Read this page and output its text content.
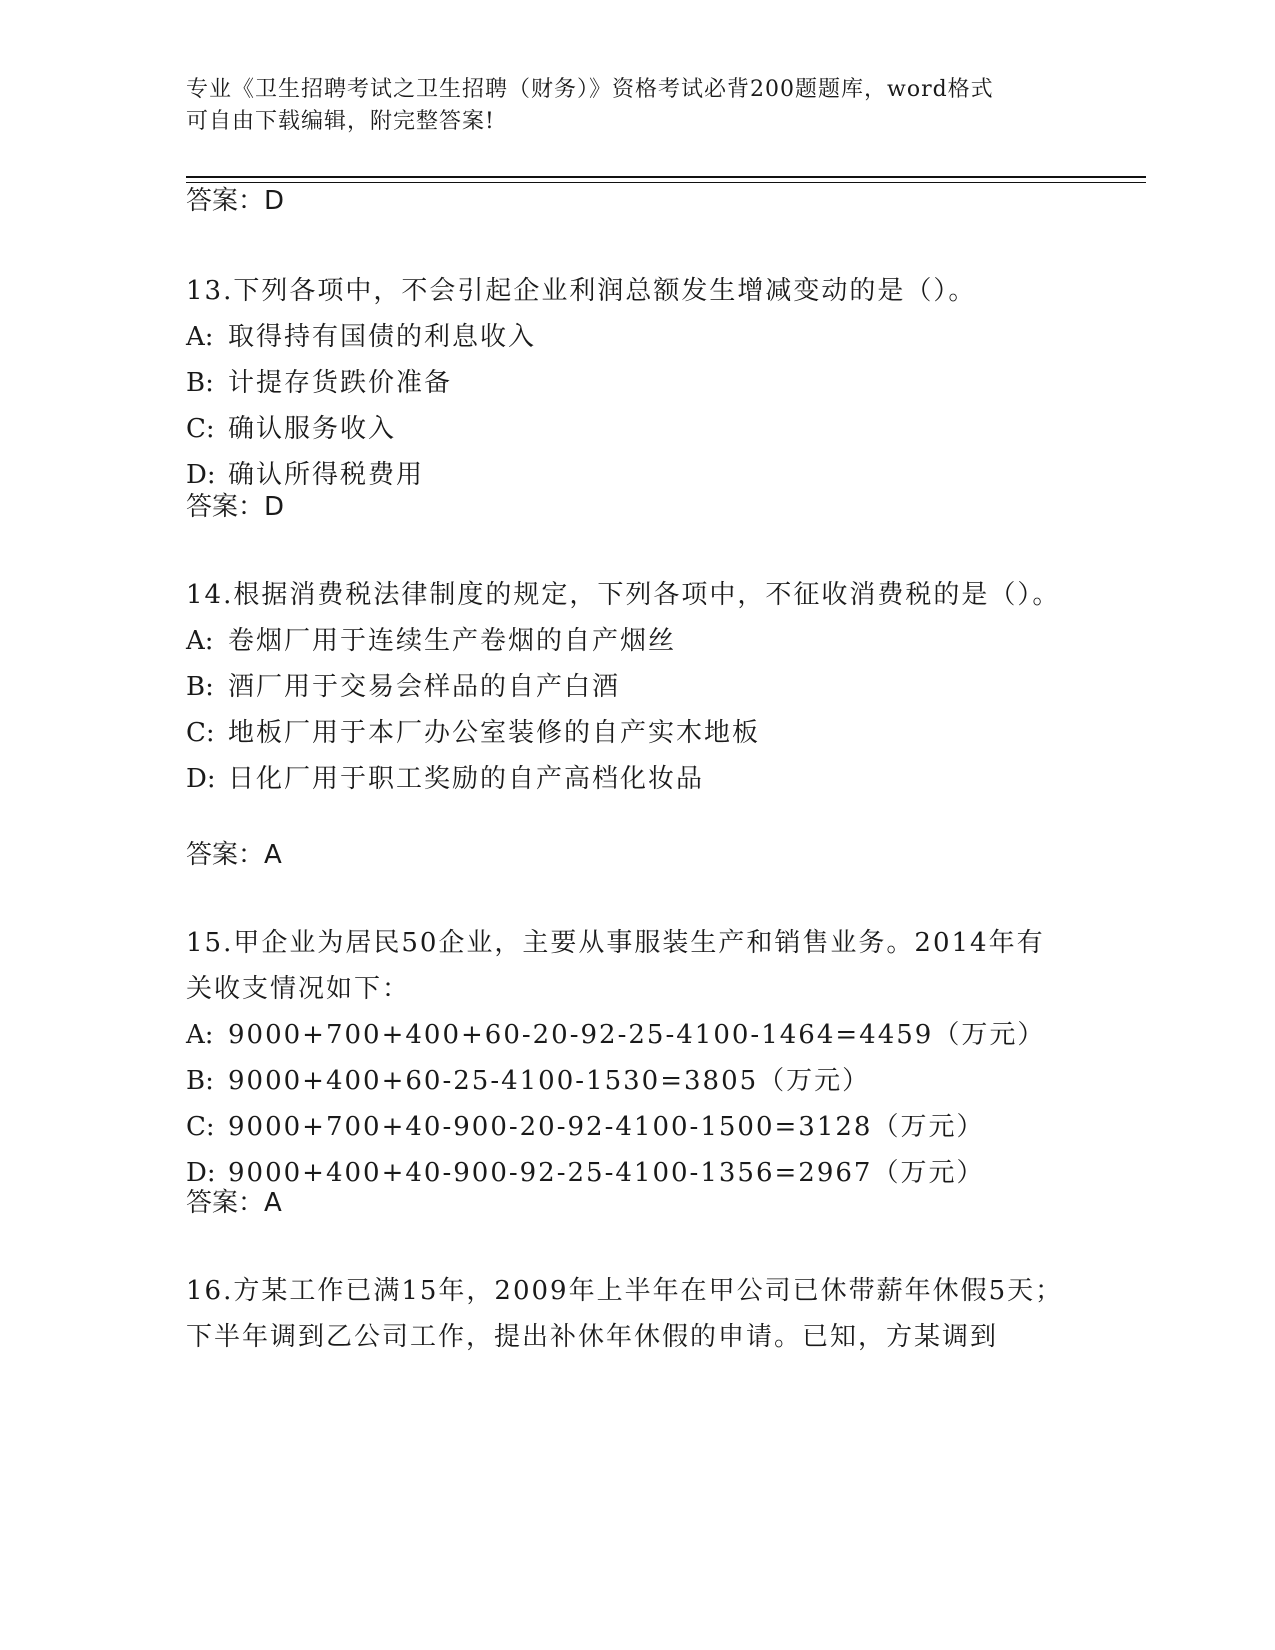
专业《卫生招聘考试之卫生招聘（财务）》资格考试必背200题题库，word格式
可自由下载编辑，附完整答案!
答案：D

13.下列各项中，不会引起企业利润总额发生增减变动的是（）。

A: 取得持有国债的利息收入

B: 计提存货跌价准备

C: 确认服务收入

D: 确认所得税费用

答案：D

14.根据消费税法律制度的规定，下列各项中，不征收消费税的是（）。

A: 卷烟厂用于连续生产卷烟的自产烟丝

B: 酒厂用于交易会样品的自产白酒

C: 地板厂用于本厂办公室装修的自产实木地板

D: 日化厂用于职工奖励的自产高档化妆品

答案：A

15.甲企业为居民50企业，主要从事服装生产和销售业务。2014年有关收支情况如下：

A: 9000+700+400+60-20-92-25-4100-1464=4459（万元）

B: 9000+400+60-25-4100-1530=3805（万元）

C: 9000+700+40-900-20-92-4100-1500=3128（万元）

D: 9000+400+40-900-92-25-4100-1356=2967（万元）

答案：A

16.方某工作已满15年，2009年上半年在甲公司已休带薪年休假5天；下半年调到乙公司工作，提出补休年休假的申请。已知，方某调到
